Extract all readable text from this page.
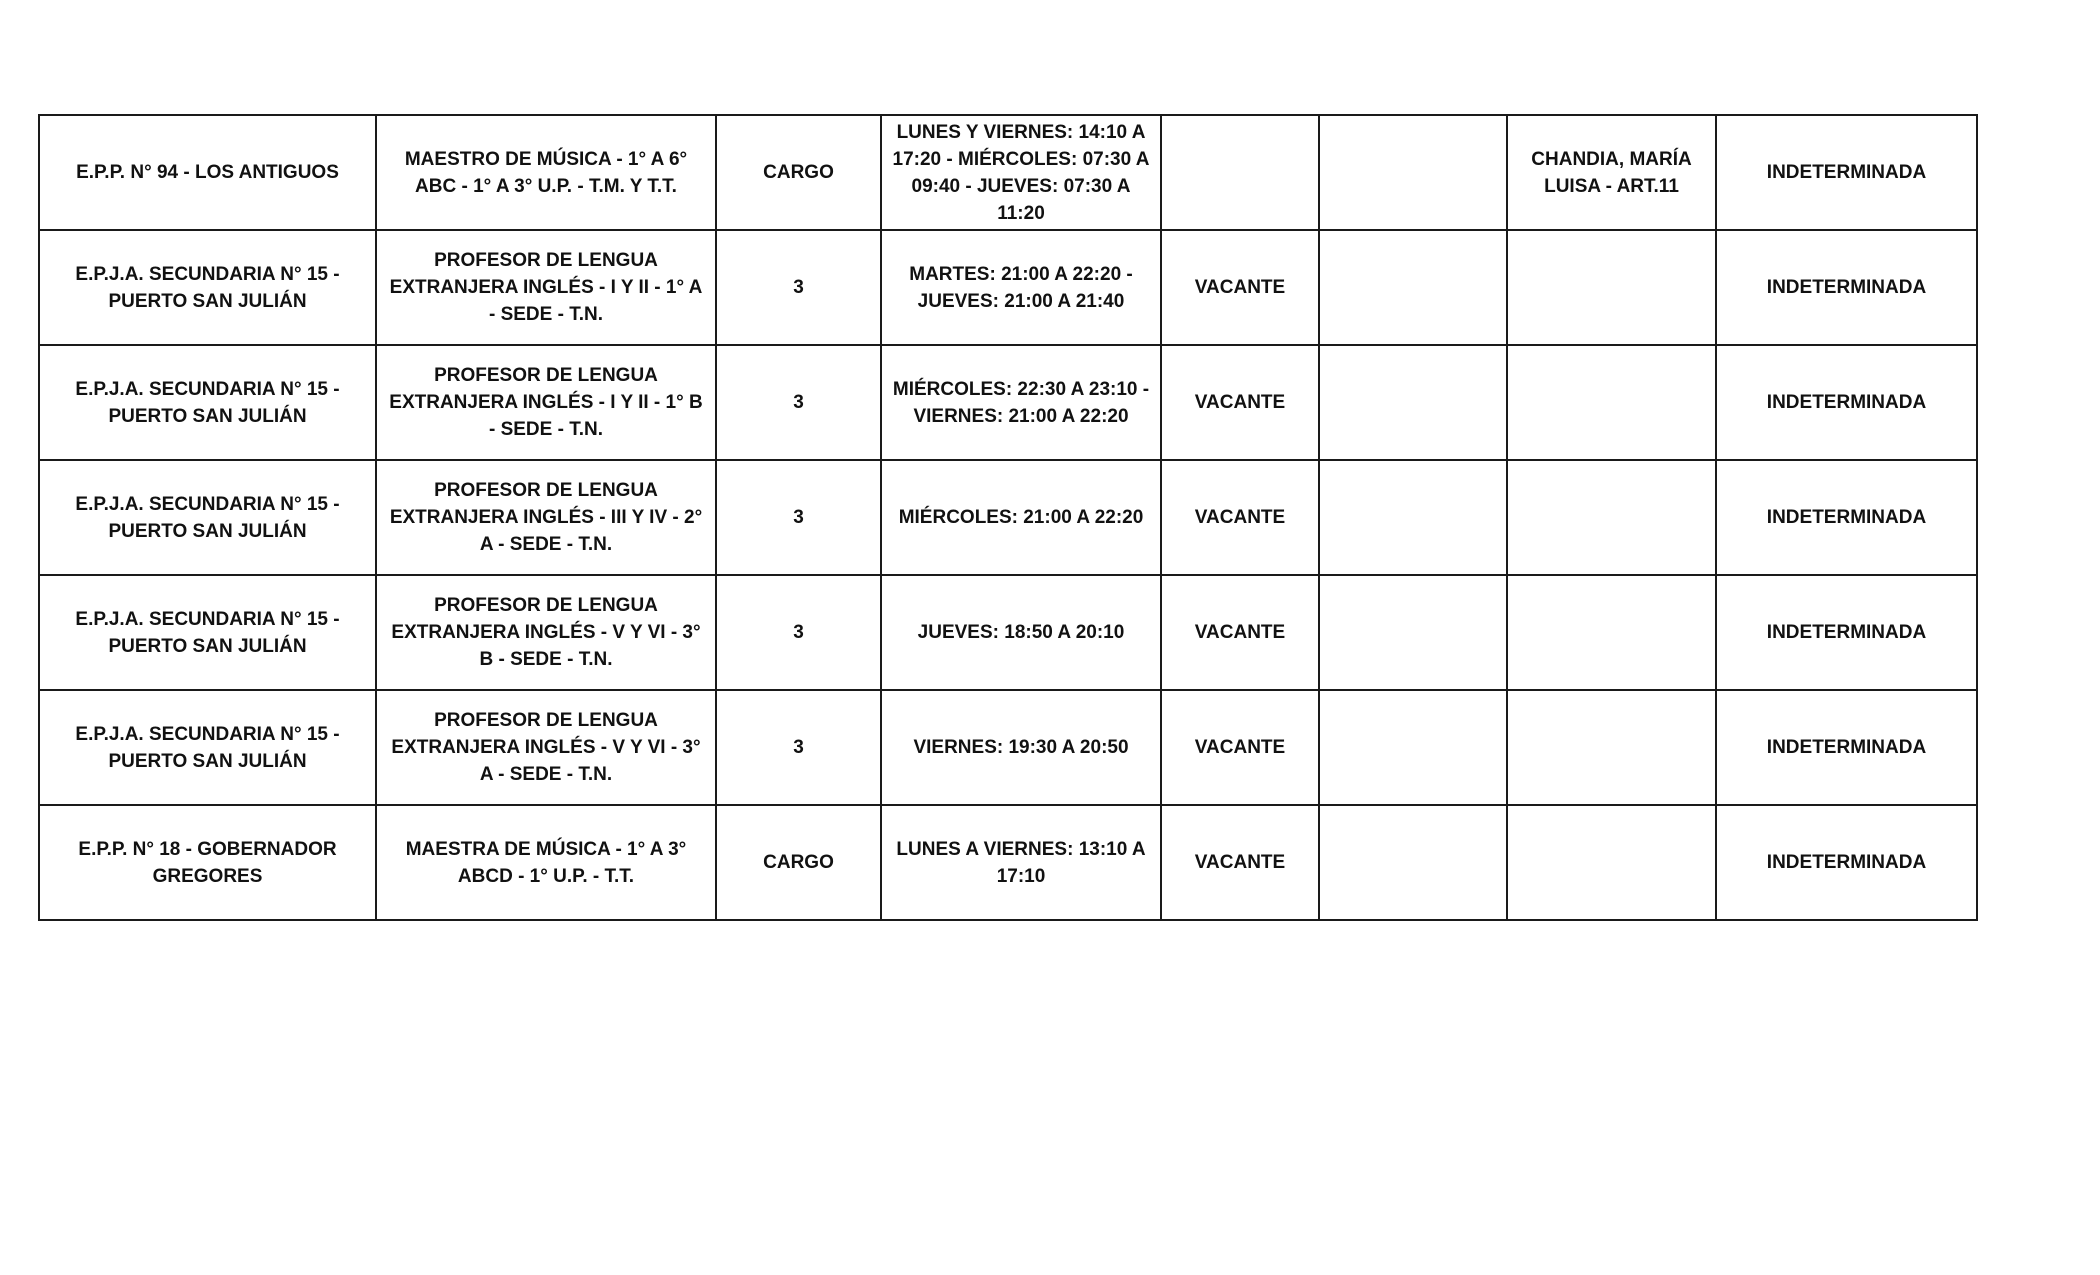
E.P.P. N° 94 - LOS ANTIGUOS	MAESTRO DE MÚSICA - 1° A 6° ABC - 1° A 3° U.P. - T.M. Y T.T.	CARGO	LUNES Y VIERNES: 14:10 A 17:20 - MIÉRCOLES: 07:30 A 09:40 - JUEVES: 07:30 A 11:20			CHANDIA, MARÍA LUISA - ART.11	INDETERMINADA
E.P.J.A. SECUNDARIA N° 15 - PUERTO SAN JULIÁN	PROFESOR DE LENGUA EXTRANJERA INGLÉS - I Y II - 1° A - SEDE - T.N.	3	MARTES: 21:00 A 22:20 - JUEVES: 21:00 A 21:40	VACANTE			INDETERMINADA
E.P.J.A. SECUNDARIA N° 15 - PUERTO SAN JULIÁN	PROFESOR DE LENGUA EXTRANJERA INGLÉS - I Y II - 1° B - SEDE - T.N.	3	MIÉRCOLES: 22:30 A 23:10 - VIERNES: 21:00 A 22:20	VACANTE			INDETERMINADA
E.P.J.A. SECUNDARIA N° 15 - PUERTO SAN JULIÁN	PROFESOR DE LENGUA EXTRANJERA INGLÉS - III Y IV - 2° A - SEDE - T.N.	3	MIÉRCOLES: 21:00 A 22:20	VACANTE			INDETERMINADA
E.P.J.A. SECUNDARIA N° 15 - PUERTO SAN JULIÁN	PROFESOR DE LENGUA EXTRANJERA INGLÉS - V Y VI - 3° B - SEDE - T.N.	3	JUEVES: 18:50 A 20:10	VACANTE			INDETERMINADA
E.P.J.A. SECUNDARIA N° 15 - PUERTO SAN JULIÁN	PROFESOR DE LENGUA EXTRANJERA INGLÉS - V Y VI - 3° A - SEDE - T.N.	3	VIERNES: 19:30 A 20:50	VACANTE			INDETERMINADA
E.P.P. N° 18 - GOBERNADOR GREGORES	MAESTRA DE MÚSICA - 1° A 3° ABCD - 1° U.P. - T.T.	CARGO	LUNES A VIERNES: 13:10 A 17:10	VACANTE			INDETERMINADA
